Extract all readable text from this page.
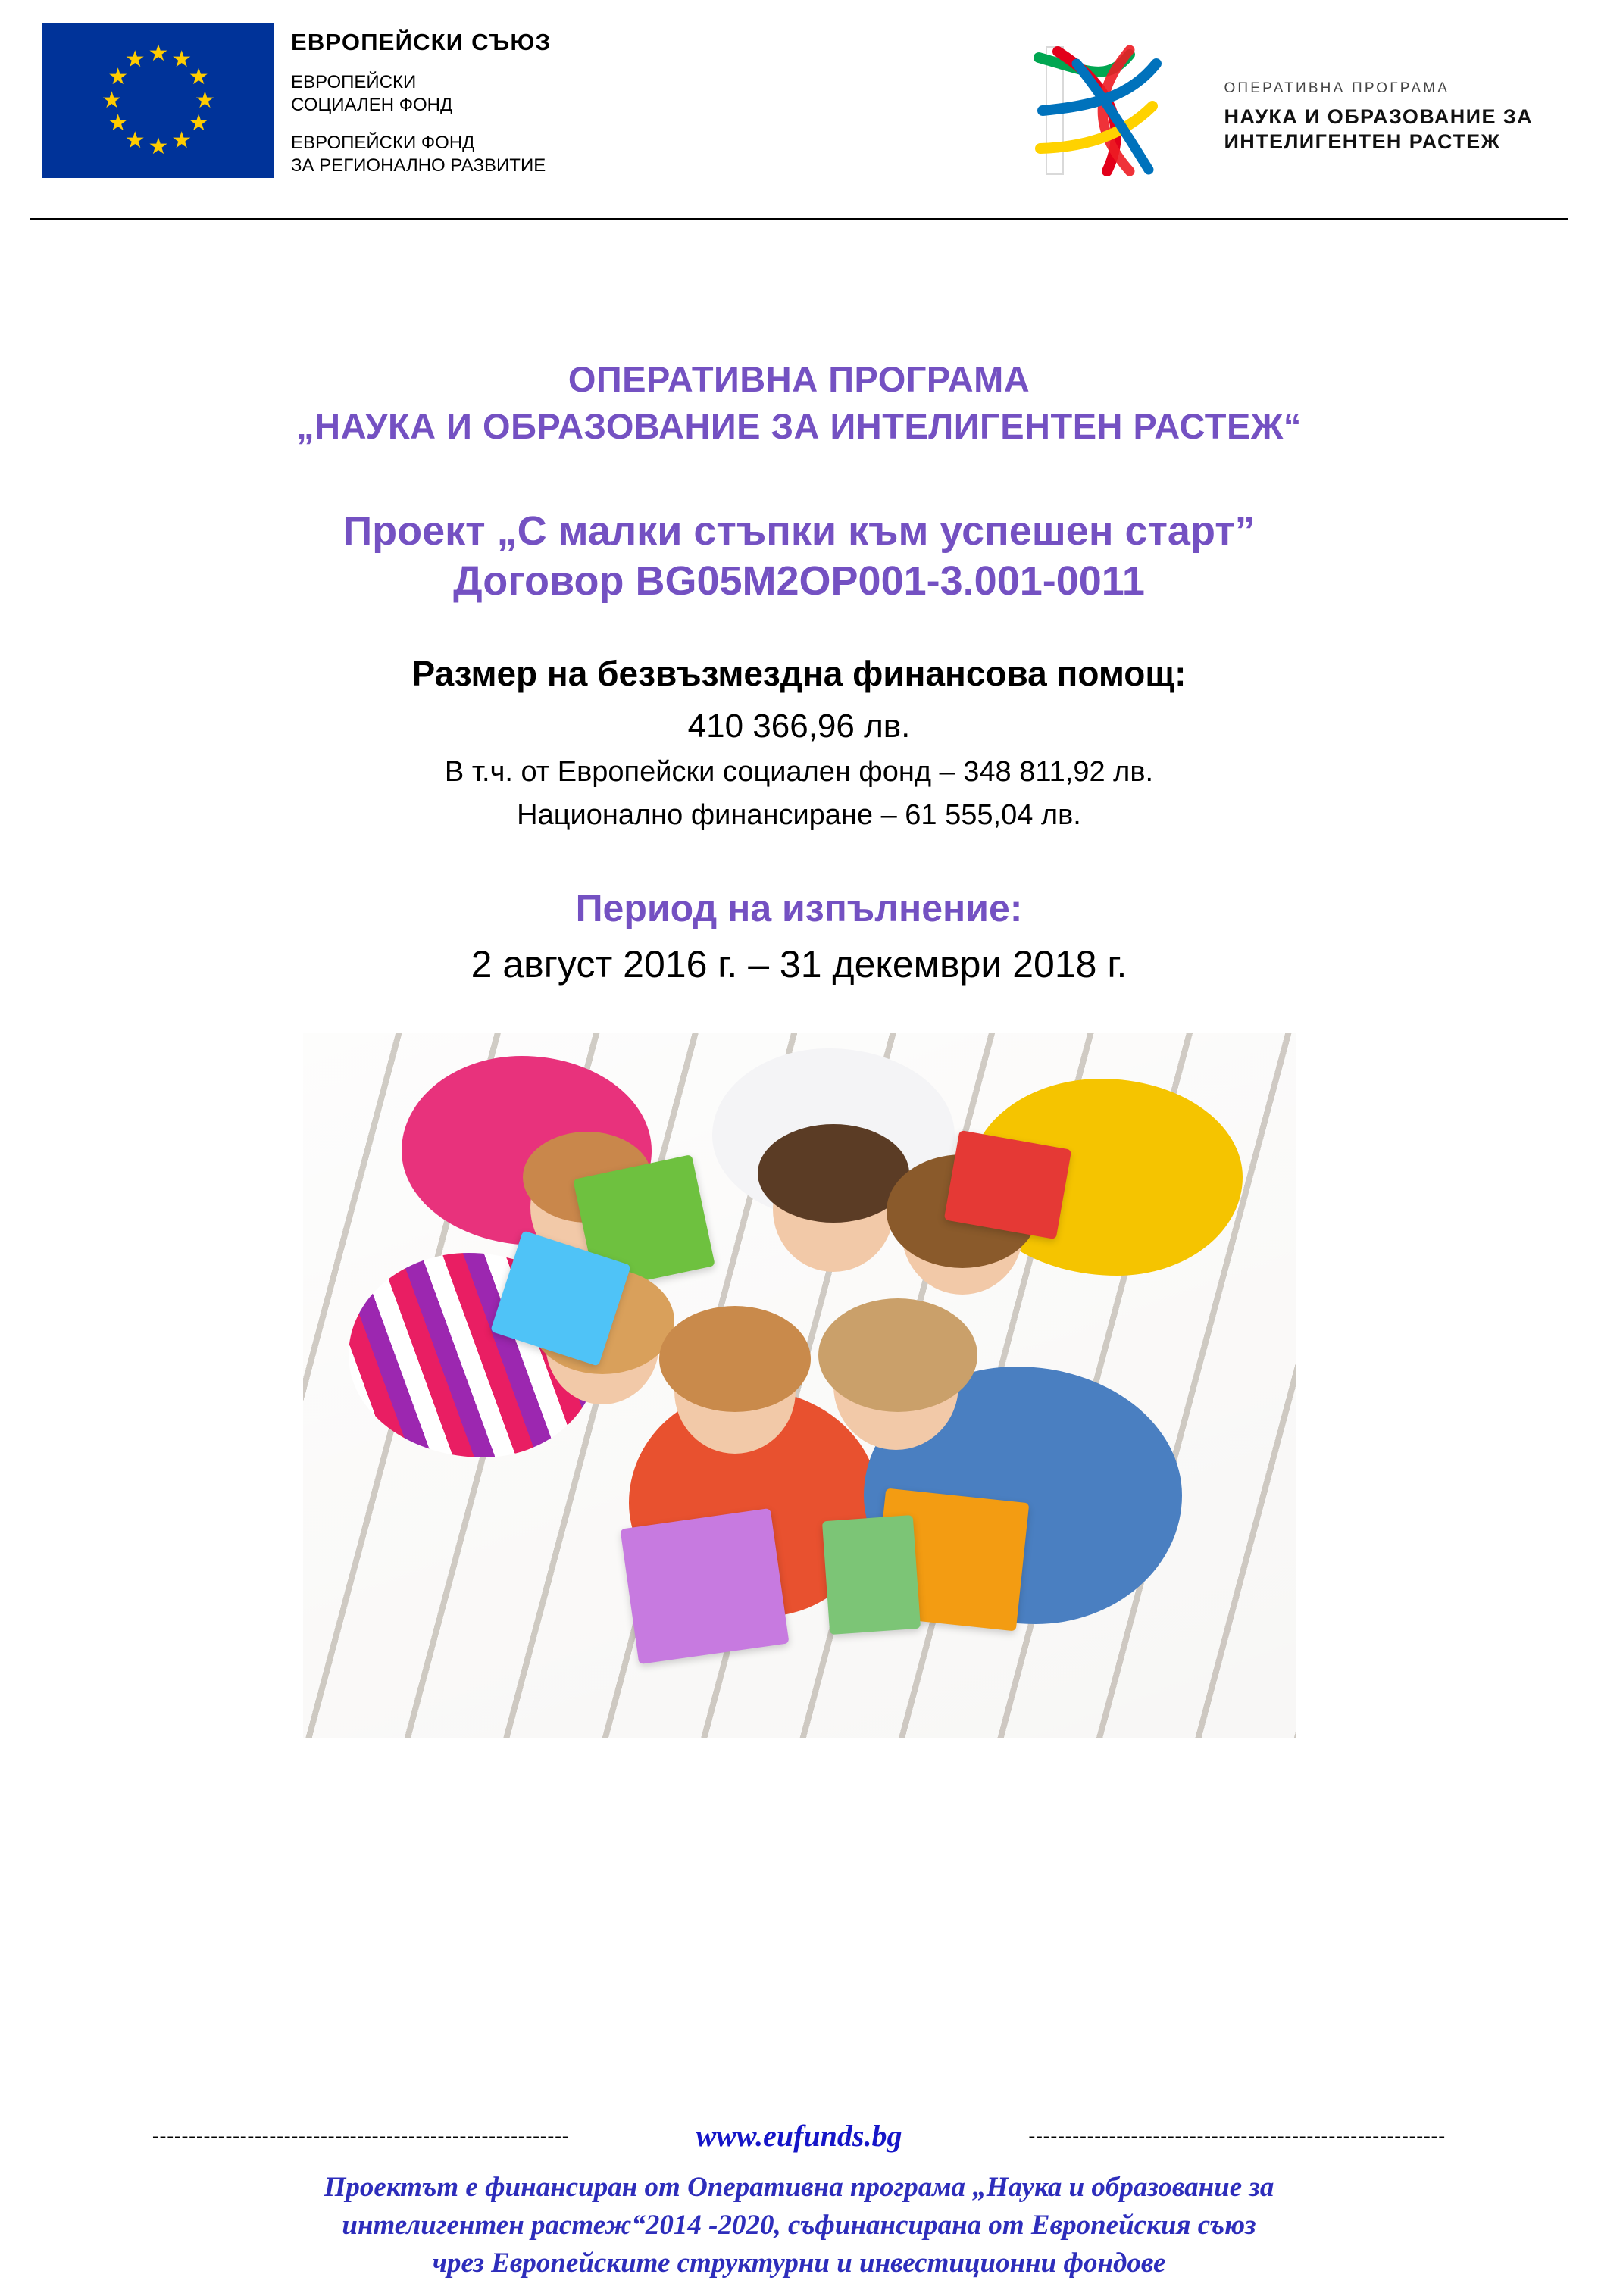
★ ★
★
★
★
★
★
★
★
★
★
★
ЕВРОПЕЙСКИ СЪЮЗ
ЕВРОПЕЙСКИ
СОЦИАЛЕН ФОНД
ЕВРОПЕЙСКИ ФОНД
ЗА РЕГИОНАЛНО РАЗВИТИЕ
ОПЕРАТИВНА ПРОГРАМА
НАУКА И ОБРАЗОВАНИЕ ЗА
ИНТЕЛИГЕНТЕН РАСТЕЖ
ОПЕРАТИВНА ПРОГРАМА
„НАУКА И ОБРАЗОВАНИЕ ЗА ИНТЕЛИГЕНТЕН РАСТЕЖ“
Проект „С малки стъпки към успешен старт”
Договор BG05M2OP001-3.001-0011
Размер на безвъзмездна финансова помощ:
410 366,96 лв.
В т.ч. от Европейски социален фонд – 348 811,92 лв.
Национално финансиране – 61 555,04 лв.
Период на изпълнение:
2 август 2016 г. – 31 декември 2018 г.
---------------------------------------------------------	www.eufunds.bg	---------------------------------------------------------
Проектът е финансиран от Оперативна програма „Наука и образование за
интелигентен растеж“2014 -2020, съфинансирана от Европейския съюз
чрез Европейските структурни и инвестиционни фондове
